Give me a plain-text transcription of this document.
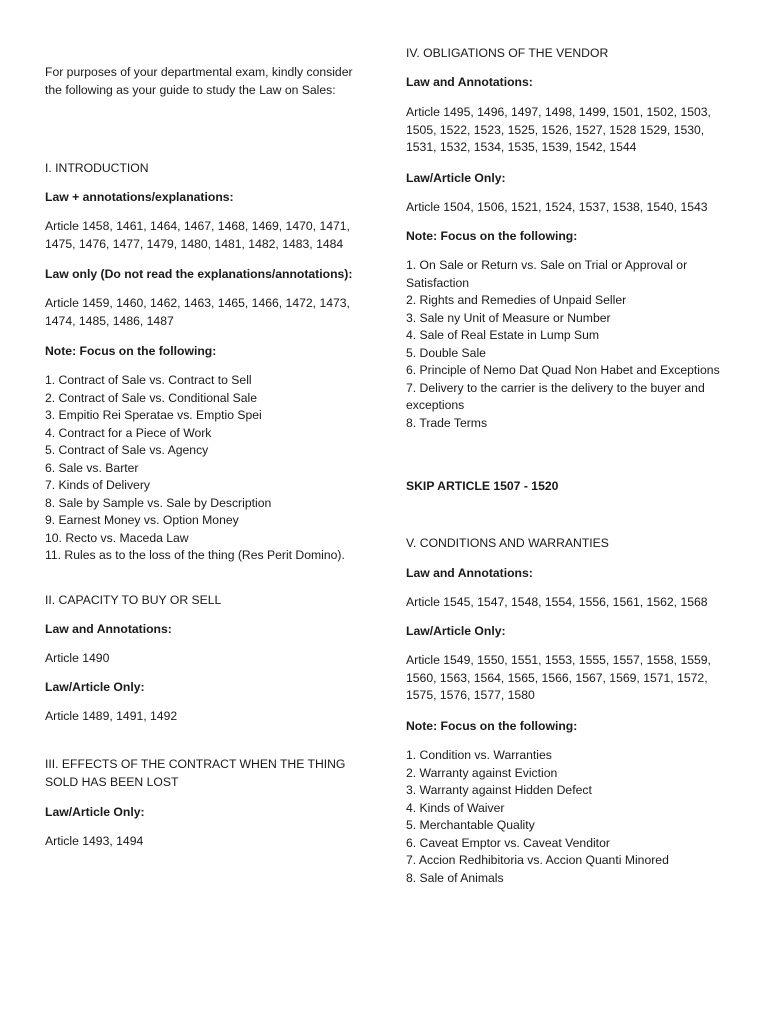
For purposes of your departmental exam, kindly consider the following as your guide to study the Law on Sales:

I. INTRODUCTION

Law + annotations/explanations:

Article 1458, 1461, 1464, 1467, 1468, 1469, 1470, 1471, 1475, 1476, 1477, 1479, 1480, 1481, 1482, 1483, 1484

Law only (Do not read the explanations/annotations):

Article 1459, 1460, 1462, 1463, 1465, 1466, 1472, 1473, 1474, 1485, 1486, 1487

Note: Focus on the following:

1. Contract of Sale vs. Contract to Sell
2. Contract of Sale vs. Conditional Sale
3. Empitio Rei Speratae vs. Emptio Spei
4. Contract for a Piece of Work
5. Contract of Sale vs. Agency
6. Sale vs. Barter
7. Kinds of Delivery
8. Sale by Sample vs. Sale by Description
9. Earnest Money vs. Option Money
10. Recto vs. Maceda Law
11. Rules as to the loss of the thing (Res Perit Domino).

II. CAPACITY TO BUY OR SELL

Law and Annotations:

Article 1490

Law/Article Only:

Article 1489, 1491, 1492

III. EFFECTS OF THE CONTRACT WHEN THE THING SOLD HAS BEEN LOST

Law/Article Only:

Article 1493, 1494

IV. OBLIGATIONS OF THE VENDOR

Law and Annotations:

Article 1495, 1496, 1497, 1498, 1499, 1501, 1502, 1503, 1505, 1522, 1523, 1525, 1526, 1527, 1528 1529, 1530, 1531, 1532, 1534, 1535, 1539, 1542, 1544

Law/Article Only:

Article 1504, 1506, 1521, 1524, 1537, 1538, 1540, 1543

Note: Focus on the following:

1. On Sale or Return vs. Sale on Trial or Approval or Satisfaction
2. Rights and Remedies of Unpaid Seller
3. Sale ny Unit of Measure or Number
4. Sale of Real Estate in Lump Sum
5. Double Sale
6. Principle of Nemo Dat Quad Non Habet and Exceptions
7. Delivery to the carrier is the delivery to the buyer and exceptions
8. Trade Terms

SKIP ARTICLE 1507 - 1520

V. CONDITIONS AND WARRANTIES

Law and Annotations:

Article 1545, 1547, 1548, 1554, 1556, 1561, 1562, 1568

Law/Article Only:

Article 1549, 1550, 1551, 1553, 1555, 1557, 1558, 1559, 1560, 1563, 1564, 1565, 1566, 1567, 1569, 1571, 1572, 1575, 1576, 1577, 1580

Note: Focus on the following:

1. Condition vs. Warranties
2. Warranty against Eviction
3. Warranty against Hidden Defect
4. Kinds of Waiver
5. Merchantable Quality
6. Caveat Emptor vs. Caveat Venditor
7. Accion Redhibitoria vs. Accion Quanti Minored
8. Sale of Animals
